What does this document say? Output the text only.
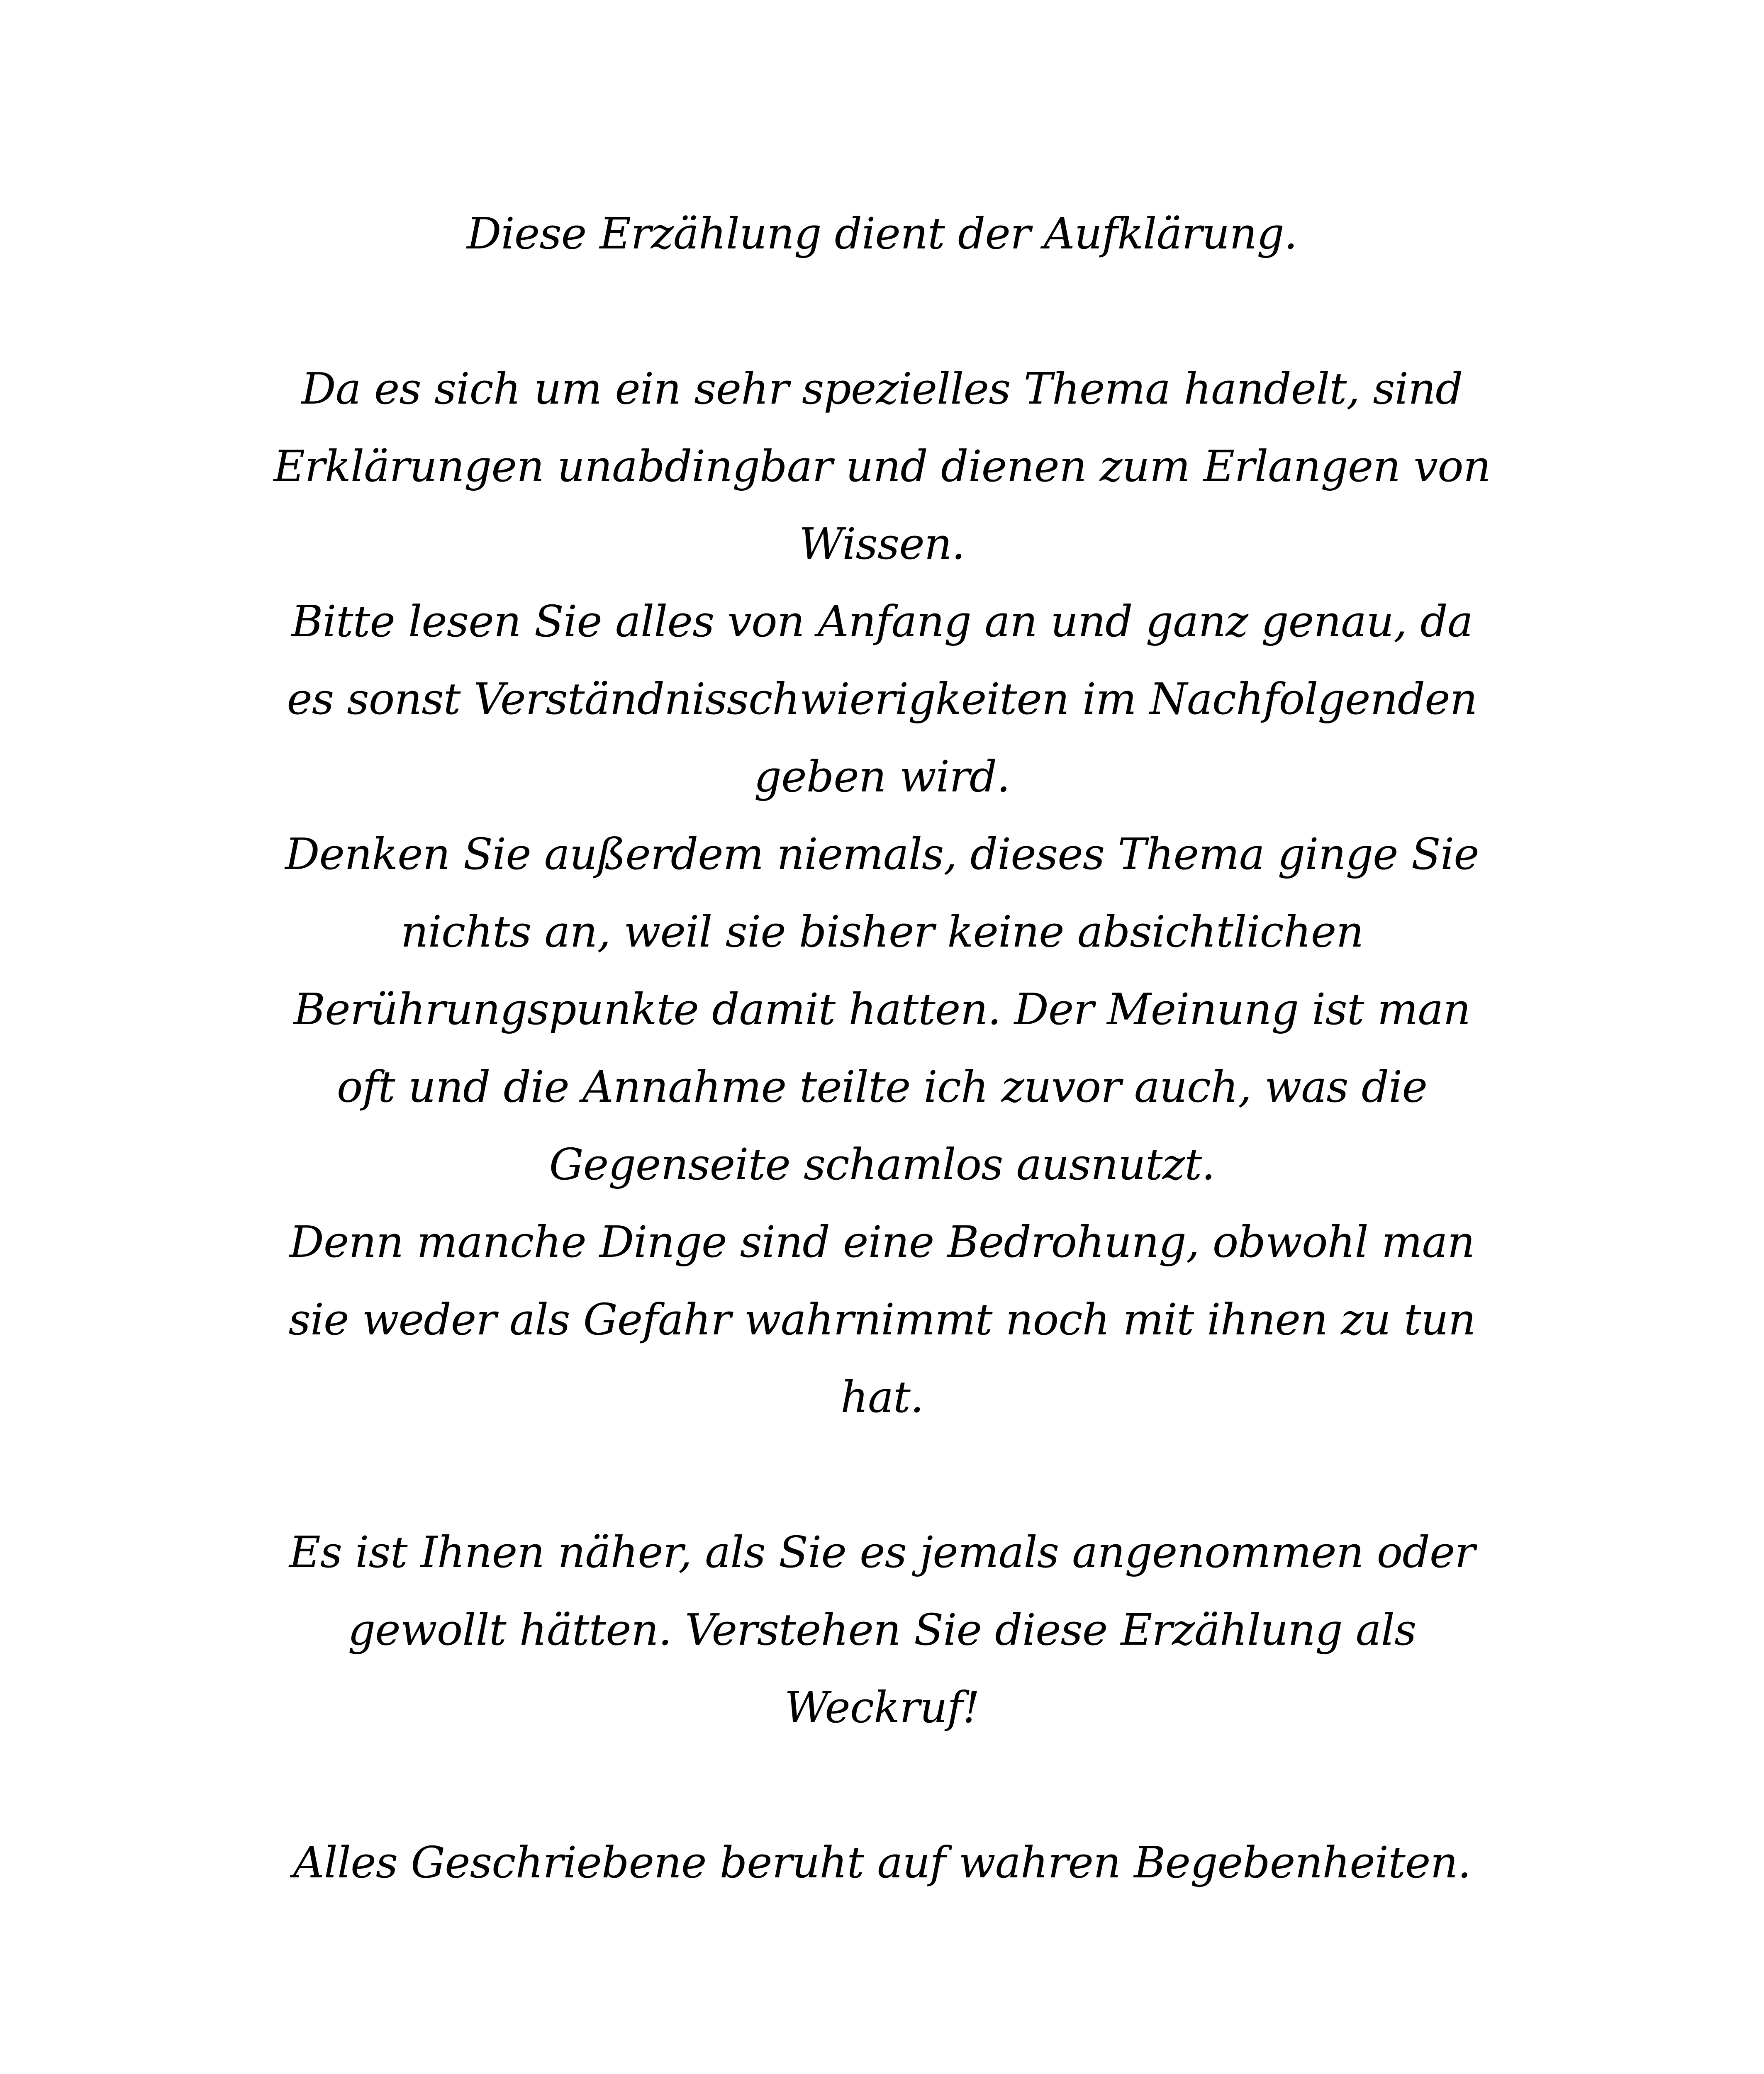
Diese Erzählung dient der Aufklärung.
Da es sich um ein sehr spezielles Thema handelt, sind
Erklärungen unabdingbar und dienen zum Erlangen von
Wissen.
Bitte lesen Sie alles von Anfang an und ganz genau, da
es sonst Verständnisschwierigkeiten im Nachfolgenden
geben wird.
Denken Sie außerdem niemals, dieses Thema ginge Sie
nichts an, weil sie bisher keine absichtlichen
Berührungspunkte damit hatten. Der Meinung ist man
oft und die Annahme teilte ich zuvor auch, was die
Gegenseite schamlos ausnutzt.
Denn manche Dinge sind eine Bedrohung, obwohl man
sie weder als Gefahr wahrnimmt noch mit ihnen zu tun
hat.
Es ist Ihnen näher, als Sie es jemals angenommen oder
gewollt hätten. Verstehen Sie diese Erzählung als
Weckruf!
Alles Geschriebene beruht auf wahren Begebenheiten.
